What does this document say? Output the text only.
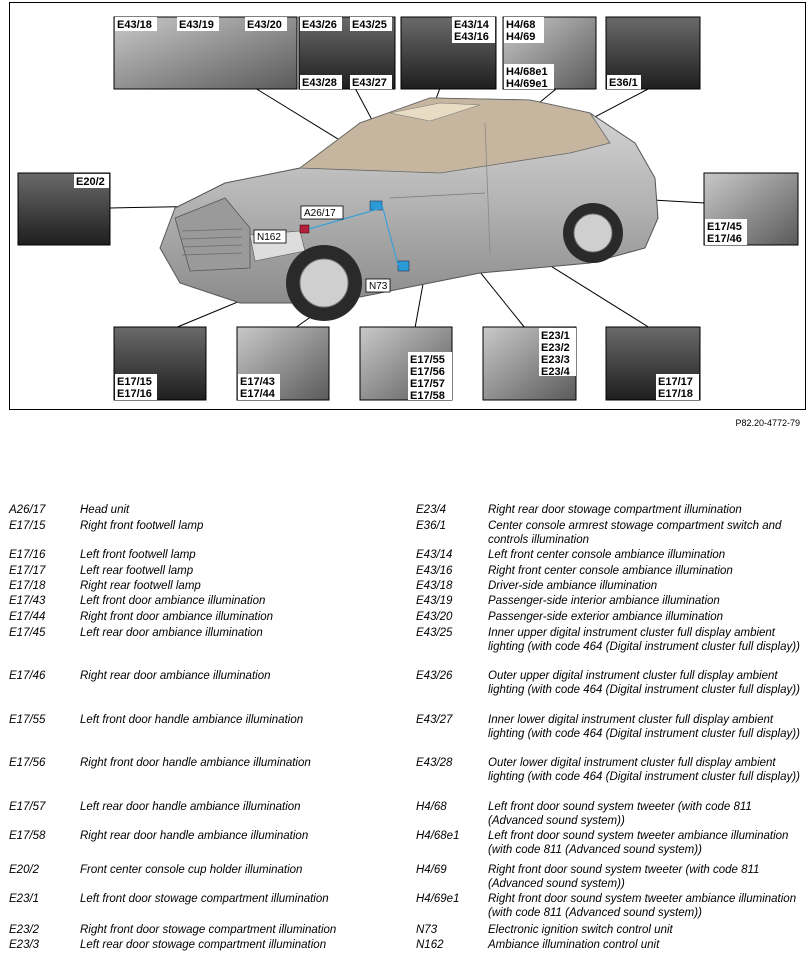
E43/18 E43/19	E43/20 E43/26 E43/25
E43/28 E43/27
E43/14
E43/16
H4/68
H4/69
H4/68e1
H4/69e1	E36/1
E20/2
E17/45
E17/46
E17/15
E17/16
E17/43
E17/44
E17/55
E17/56
E17/57
E17/58
E23/1
E23/2
E23/3
E23/4
E17/17
E17/18
A26/17
N162
N73
P82.20-4772-79
A26/17	Head unit
E17/15	Right front footwell lamp
E17/16	Left front footwell lamp
E17/17	Left rear footwell lamp
E17/18	Right rear footwell lamp
E17/43	Left front door ambiance illumination
E17/44	Right front door ambiance illumination
E17/45	Left rear door ambiance illumination
E17/46	Right rear door ambiance illumination
E17/55	Left front door handle ambiance illumination
E17/56	Right front door handle ambiance illumination
E17/57	Left rear door handle ambiance illumination
E17/58	Right rear door handle ambiance illumination
E20/2	Front center console cup holder illumination
E23/1	Left front door stowage compartment illumination
E23/2	Right front door stowage compartment illumination
E23/3	Left rear door stowage compartment illumination
E23/4	Right rear door stowage compartment illumination
E36/1	Center console armrest stowage compartment switch and controls illumination
E43/14	Left front center console ambiance illumination
E43/16	Right front center console ambiance illumination
E43/18	Driver-side ambiance illumination
E43/19	Passenger-side interior ambiance illumination
E43/20	Passenger-side exterior ambiance illumination
E43/25	Inner upper digital instrument cluster full display ambient lighting (with code 464 (Digital instrument cluster full display))
E43/26	Outer upper digital instrument cluster full display ambient lighting (with code 464 (Digital instrument cluster full display))
E43/27	Inner lower digital instrument cluster full display ambient lighting (with code 464 (Digital instrument cluster full display))
E43/28	Outer lower digital instrument cluster full display ambient lighting (with code 464 (Digital instrument cluster full display))
H4/68	Left front door sound system tweeter (with code 811 (Advanced sound system))
H4/68e1 Left front door sound system tweeter ambiance illumination (with code 811 (Advanced sound system))
H4/69	Right front door sound system tweeter (with code 811 (Advanced sound system))
H4/69e1 Right front door sound system tweeter ambiance illumination (with code 811 (Advanced sound system))
N73	Electronic ignition switch control unit
N162	Ambiance illumination control unit
